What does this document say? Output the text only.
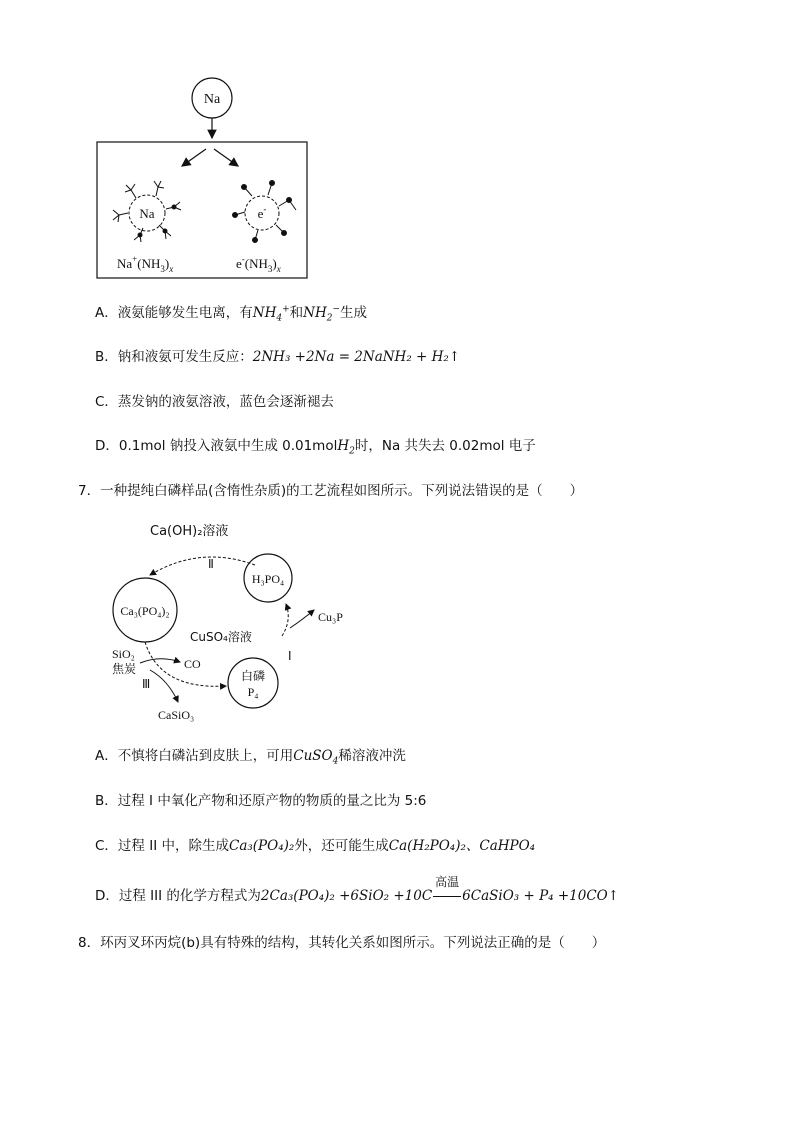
Na
Na	e-
$Na^+(NH_3)_x$	$e^-(NH_3)_x$
A．液氨能够发生电离，有$NH_4^+$和$NH_2^-$生成
B．钠和液氨可发生反应：2NH₃ +2Na = 2NaNH₂ + H₂↑
C．蒸发钠的液氨溶液，蓝色会逐渐褪去
D．0.1mol 钠投入液氨中生成 0.01molH$_2$时，Na 共失去 0.02mol 电子
7．一种提纯白磷样品(含惰性杂质)的工艺流程如图所示。下列说法错误的是（　　）
Ca(OH)₂溶液
Ⅱ
H₃PO₄
Ca₃(PO₄)₂	Cu₃P
CuSO₄溶液
Ⅰ
SiO₂
焦炭	CO
Ⅲ
白磷
P₄
CaSiO₃
A．不慎将白磷沾到皮肤上，可用CuSO$_4$稀溶液冲洗
B．过程 I 中氧化产物和还原产物的物质的量之比为 5:6
C．过程 II 中，除生成Ca₃(PO₄)₂外，还可能生成Ca(H₂PO₄)₂、CaHPO₄
D．过程 III 的化学方程式为2Ca₃(PO₄)₂ +6SiO₂ +10C
高温
6CaSiO₃ + P₄ +10CO↑
8．环丙叉环丙烷(b)具有特殊的结构，其转化关系如图所示。下列说法正确的是（　　）
